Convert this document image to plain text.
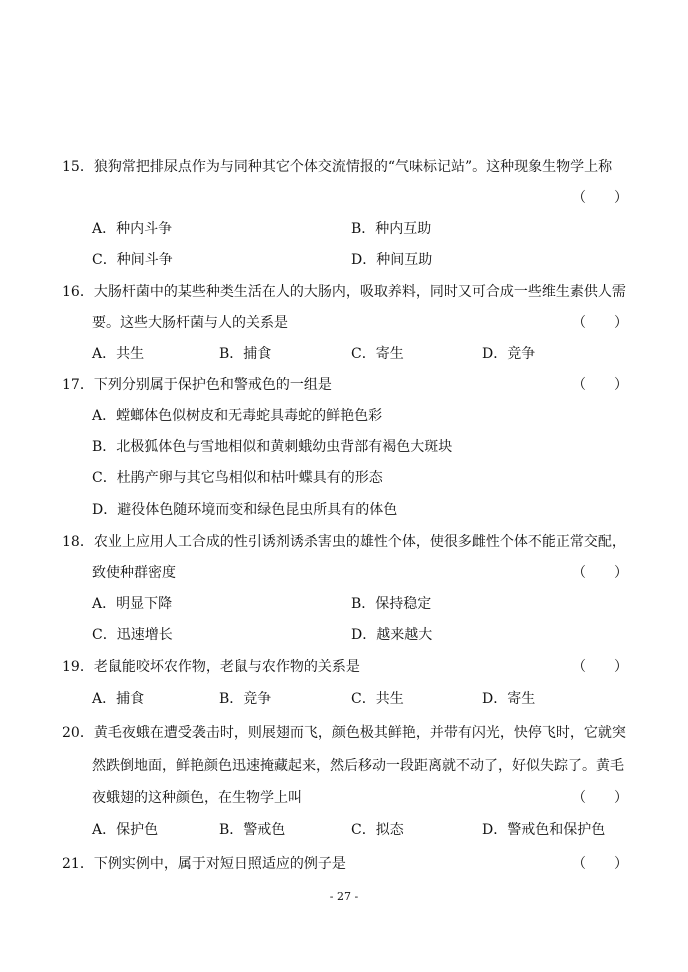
15．狼狗常把排尿点作为与同种其它个体交流情报的“气味标记站”。这种现象生物学上称
（　　）
A．种内斗争	B．种内互助
C．种间斗争	D．种间互助
16．大肠杆菌中的某些种类生活在人的大肠内，吸取养料，同时又可合成一些维生素供人需
要。这些大肠杆菌与人的关系是	（　　）
A．共生	B．捕食	C．寄生	D．竞争
17．下列分别属于保护色和警戒色的一组是	（　　）
A．螳螂体色似树皮和无毒蛇具毒蛇的鲜艳色彩
B．北极狐体色与雪地相似和黄刺蛾幼虫背部有褐色大斑块
C．杜鹃产卵与其它鸟相似和枯叶蝶具有的形态
D．避役体色随环境而变和绿色昆虫所具有的体色
18．农业上应用人工合成的性引诱剂诱杀害虫的雄性个体，使很多雌性个体不能正常交配，
致使种群密度	（　　）
A．明显下降	B．保持稳定
C．迅速增长	D．越来越大
19．老鼠能咬坏农作物，老鼠与农作物的关系是	（　　）
A．捕食	B．竞争	C．共生	D．寄生
20．黄毛夜蛾在遭受袭击时，则展翅而飞，颜色极其鲜艳，并带有闪光，快停飞时，它就突
然跌倒地面，鲜艳颜色迅速掩藏起来，然后移动一段距离就不动了，好似失踪了。黄毛
夜蛾翅的这种颜色，在生物学上叫	（　　）
A．保护色	B．警戒色	C．拟态	D．警戒色和保护色
21．下例实例中，属于对短日照适应的例子是	（　　）
- 27 -
